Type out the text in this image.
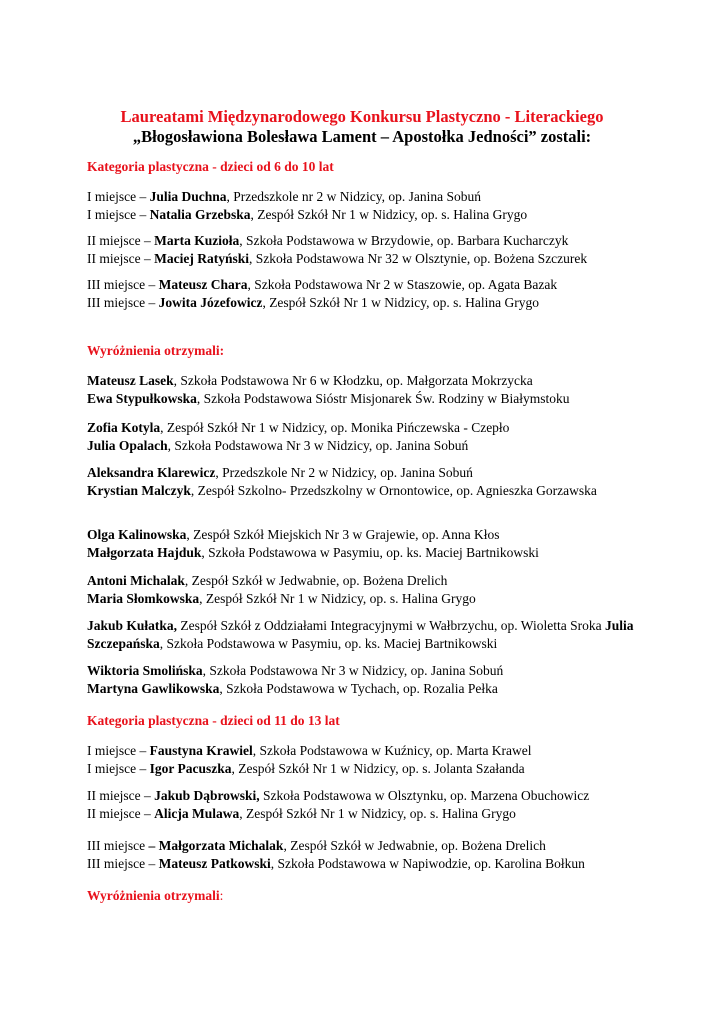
Laureatami Międzynarodowego Konkursu Plastyczno - Literackiego
„Błogosławiona Bolesława Lament – Apostołka Jedności” zostali:
Kategoria plastyczna - dzieci od 6 do 10 lat
I miejsce – Julia Duchna, Przedszkole nr 2 w Nidzicy, op. Janina Sobuń
I miejsce – Natalia Grzebska, Zespół Szkół Nr 1 w Nidzicy, op. s. Halina Grygo
II miejsce – Marta Kuzioła, Szkoła Podstawowa w Brzydowie, op. Barbara Kucharczyk
II miejsce – Maciej Ratyński, Szkoła Podstawowa Nr 32 w Olsztynie, op. Bożena Szczurek
III miejsce – Mateusz Chara, Szkoła Podstawowa Nr 2 w Staszowie, op. Agata Bazak
III miejsce – Jowita Józefowicz, Zespół Szkół Nr 1 w Nidzicy, op. s. Halina Grygo
Wyróżnienia otrzymali:
Mateusz Lasek, Szkoła Podstawowa Nr 6 w Kłodzku, op. Małgorzata Mokrzycka
Ewa Stypułkowska, Szkoła Podstawowa Sióstr Misjonarek Św. Rodziny w Białymstoku
Zofia Kotyla, Zespół Szkół Nr 1 w Nidzicy, op. Monika Pińczewska - Czepło
Julia Opalach, Szkoła Podstawowa Nr 3 w Nidzicy, op. Janina Sobuń
Aleksandra Klarewicz, Przedszkole Nr 2 w Nidzicy, op. Janina Sobuń
Krystian Malczyk, Zespół Szkolno- Przedszkolny w Ornontowice, op. Agnieszka Gorzawska
Olga Kalinowska, Zespół Szkół Miejskich Nr 3 w Grajewie, op. Anna Kłos
Małgorzata Hajduk, Szkoła Podstawowa w Pasymiu, op. ks. Maciej Bartnikowski
Antoni Michalak, Zespół Szkół w Jedwabnie, op. Bożena Drelich
Maria Słomkowska, Zespół Szkół Nr 1 w Nidzicy, op. s. Halina Grygo
Jakub Kułatka, Zespół Szkół z Oddziałami Integracyjnymi w Wałbrzychu, op. Wioletta Sroka Julia Szczepańska, Szkoła Podstawowa w Pasymiu, op. ks. Maciej Bartnikowski
Wiktoria Smolińska, Szkoła Podstawowa Nr 3 w Nidzicy, op. Janina Sobuń
Martyna Gawlikowska, Szkoła Podstawowa w Tychach, op. Rozalia Pełka
Kategoria plastyczna - dzieci od 11 do 13 lat
I miejsce – Faustyna Krawiel, Szkoła Podstawowa w Kuźnicy, op. Marta Krawel
I miejsce – Igor Pacuszka, Zespół Szkół Nr 1 w Nidzicy, op. s. Jolanta Szałanda
II miejsce – Jakub Dąbrowski, Szkoła Podstawowa w Olsztynku, op. Marzena Obuchowicz
II miejsce – Alicja Mulawa, Zespół Szkół Nr 1 w Nidzicy, op. s. Halina Grygo
III miejsce – Małgorzata Michalak, Zespół Szkół w Jedwabnie, op. Bożena Drelich
III miejsce – Mateusz Patkowski, Szkoła Podstawowa w Napiwodzie, op. Karolina Bołkun
Wyróżnienia otrzymali:
